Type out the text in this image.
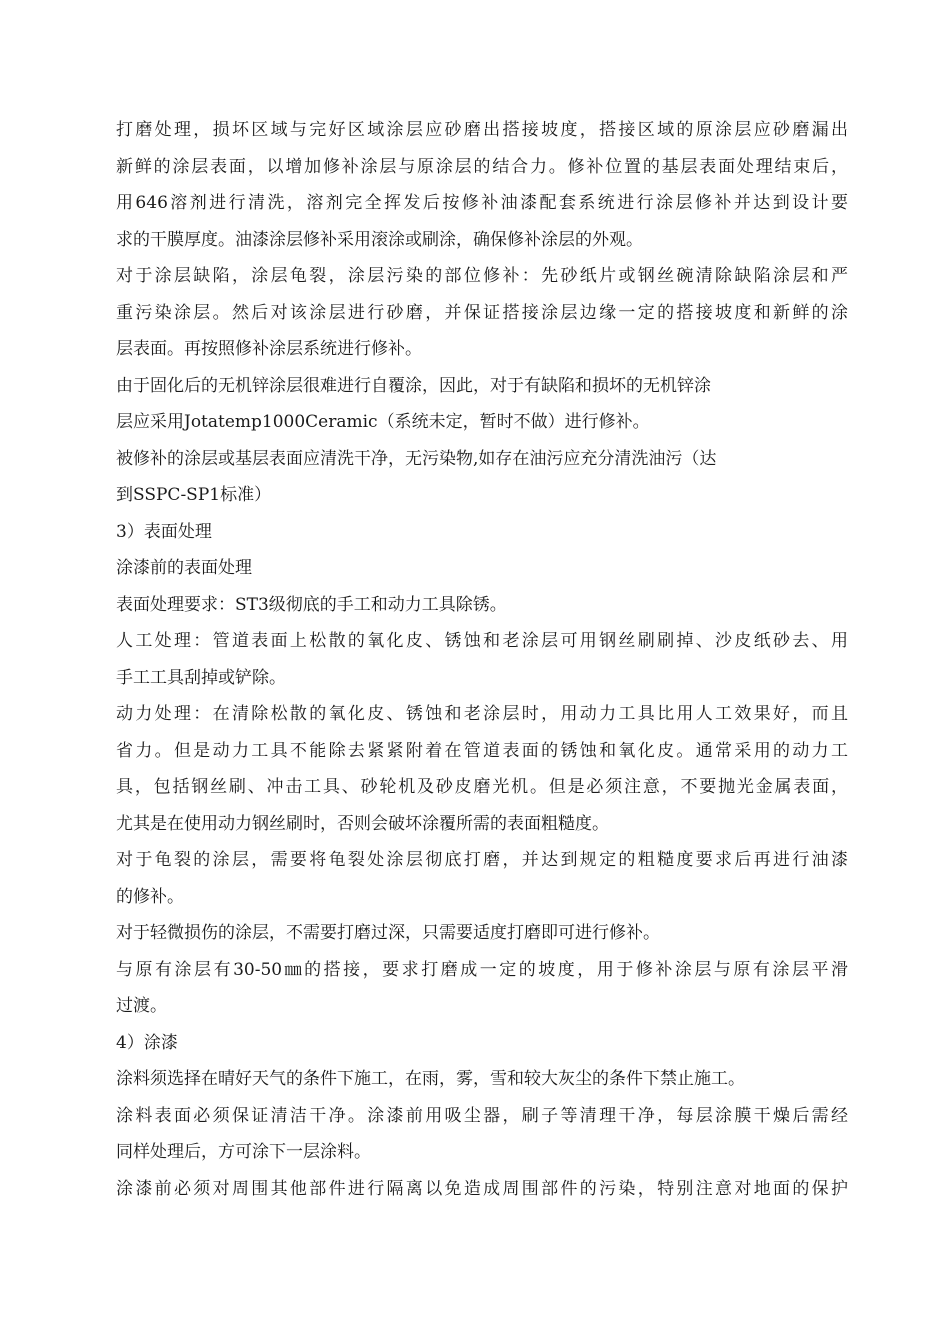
打磨处理，损坏区域与完好区域涂层应砂磨出搭接坡度，搭接区域的原涂层应砂磨漏出
新鲜的涂层表面，以增加修补涂层与原涂层的结合力。修补位置的基层表面处理结束后，
用646溶剂进行清洗，溶剂完全挥发后按修补油漆配套系统进行涂层修补并达到设计要
求的干膜厚度。油漆涂层修补采用滚涂或刷涂，确保修补涂层的外观。
对于涂层缺陷，涂层龟裂，涂层污染的部位修补：先砂纸片或钢丝碗清除缺陷涂层和严
重污染涂层。然后对该涂层进行砂磨，并保证搭接涂层边缘一定的搭接坡度和新鲜的涂
层表面。再按照修补涂层系统进行修补。
由于固化后的无机锌涂层很难进行自覆涂，因此，对于有缺陷和损坏的无机锌涂
层应采用Jotatemp1000Ceramic（系统未定，暂时不做）进行修补。
被修补的涂层或基层表面应清洗干净，无污染物,如存在油污应充分清洗油污（达
到SSPC-SP1标准）
3）表面处理
涂漆前的表面处理
表面处理要求：ST3级彻底的手工和动力工具除锈。
人工处理：管道表面上松散的氧化皮、锈蚀和老涂层可用钢丝刷刷掉、沙皮纸砂去、用
手工工具刮掉或铲除。
动力处理：在清除松散的氧化皮、锈蚀和老涂层时，用动力工具比用人工效果好，而且
省力。但是动力工具不能除去紧紧附着在管道表面的锈蚀和氧化皮。通常采用的动力工
具，包括钢丝刷、冲击工具、砂轮机及砂皮磨光机。但是必须注意，不要抛光金属表面，
尤其是在使用动力钢丝刷时，否则会破坏涂覆所需的表面粗糙度。
对于龟裂的涂层，需要将龟裂处涂层彻底打磨，并达到规定的粗糙度要求后再进行油漆
的修补。
对于轻微损伤的涂层，不需要打磨过深，只需要适度打磨即可进行修补。
与原有涂层有30-50㎜的搭接，要求打磨成一定的坡度，用于修补涂层与原有涂层平滑
过渡。
4）涂漆
涂料须选择在晴好天气的条件下施工，在雨，雾，雪和较大灰尘的条件下禁止施工。
涂料表面必须保证清洁干净。涂漆前用吸尘器，刷子等清理干净，每层涂膜干燥后需经
同样处理后，方可涂下一层涂料。
涂漆前必须对周围其他部件进行隔离以免造成周围部件的污染，特别注意对地面的保护
